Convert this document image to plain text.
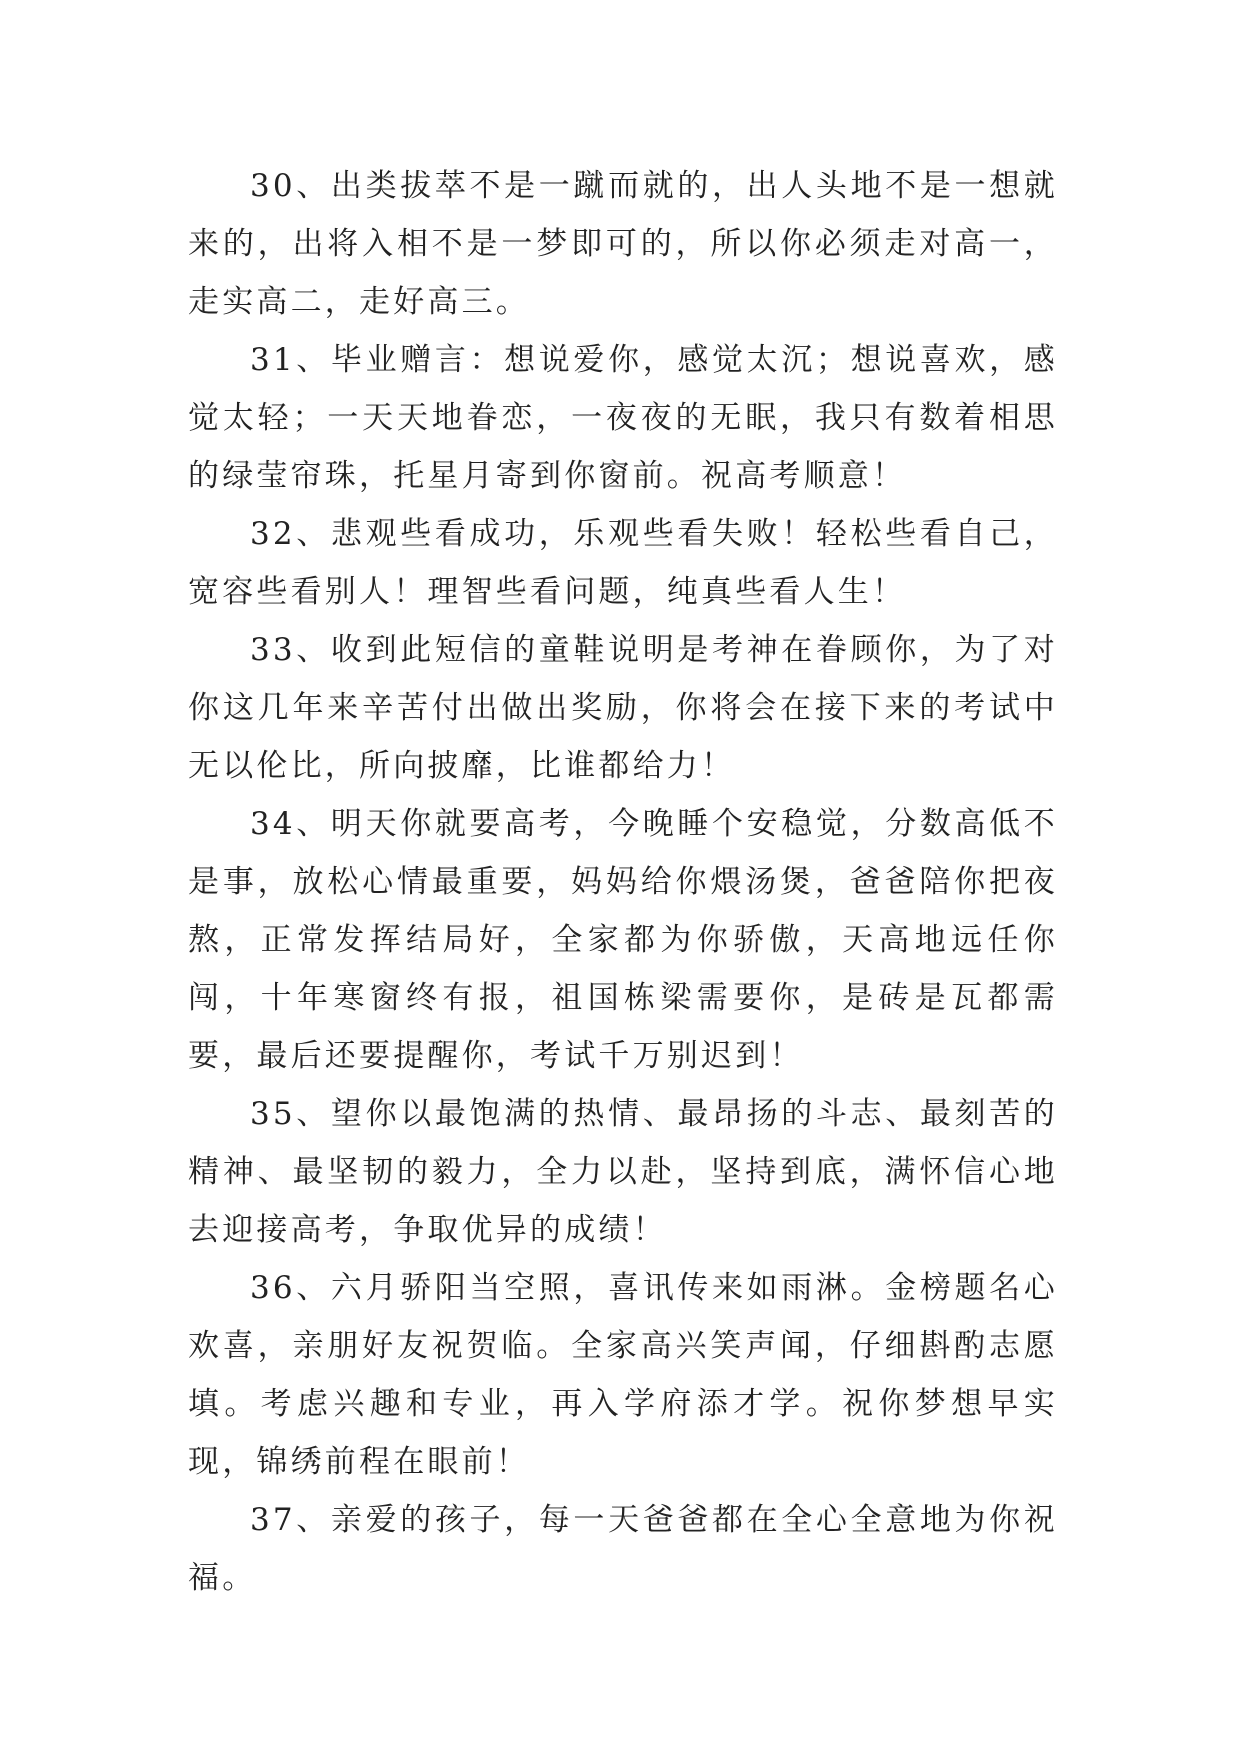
30、出类拔萃不是一蹴而就的，出人头地不是一想就来的，出将入相不是一梦即可的，所以你必须走对高一，走实高二，走好高三。

31、毕业赠言：想说爱你，感觉太沉；想说喜欢，感觉太轻；一天天地眷恋，一夜夜的无眠，我只有数着相思的绿莹帘珠，托星月寄到你窗前。祝高考顺意！

32、悲观些看成功，乐观些看失败！轻松些看自己，宽容些看别人！理智些看问题，纯真些看人生！

33、收到此短信的童鞋说明是考神在眷顾你，为了对你这几年来辛苦付出做出奖励，你将会在接下来的考试中无以伦比，所向披靡，比谁都给力！

34、明天你就要高考，今晚睡个安稳觉，分数高低不是事，放松心情最重要，妈妈给你煨汤煲，爸爸陪你把夜熬，正常发挥结局好，全家都为你骄傲，天高地远任你闯，十年寒窗终有报，祖国栋梁需要你，是砖是瓦都需要，最后还要提醒你，考试千万别迟到！

35、望你以最饱满的热情、最昂扬的斗志、最刻苦的精神、最坚韧的毅力，全力以赴，坚持到底，满怀信心地去迎接高考，争取优异的成绩！

36、六月骄阳当空照，喜讯传来如雨淋。金榜题名心欢喜，亲朋好友祝贺临。全家高兴笑声闻，仔细斟酌志愿填。考虑兴趣和专业，再入学府添才学。祝你梦想早实现，锦绣前程在眼前！

37、亲爱的孩子，每一天爸爸都在全心全意地为你祝福。
